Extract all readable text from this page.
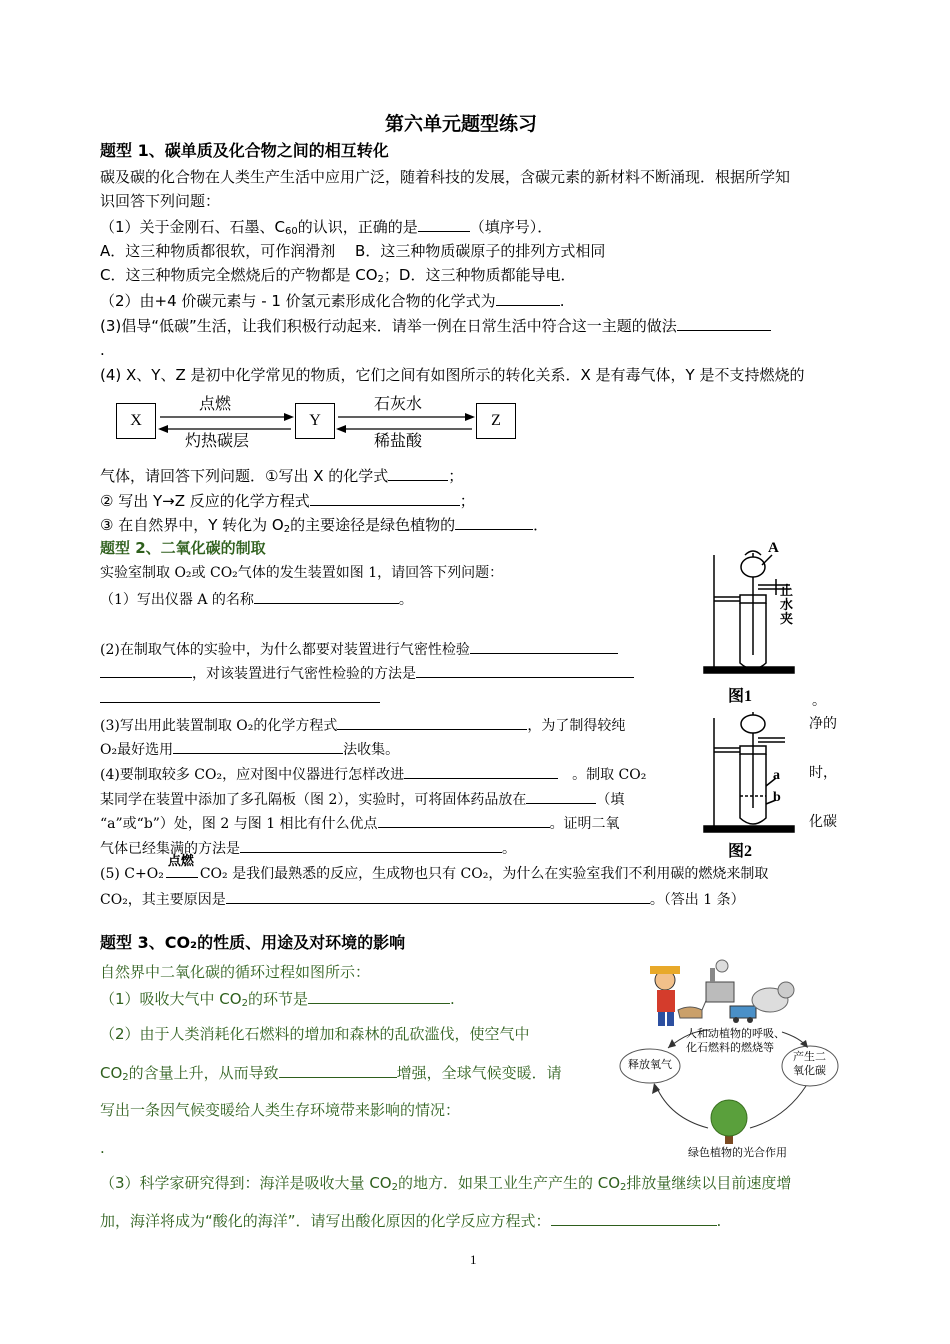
第六单元题型练习
题型 1、碳单质及化合物之间的相互转化
碳及碳的化合物在人类生产生活中应用广泛，随着科技的发展，含碳元素的新材料不断涌现．根据所学知
识回答下列问题：
（1）关于金刚石、石墨、$C_{60}$的认识，正确的是	（填序号）．
A．这三种物质都很软，可作润滑剂　 B．这三种物质碳原子的排列方式相同
C．这三种物质完全燃烧后的产物都是 $CO_2$；D．这三种物质都能导电．
（2）由+4 价碳元素与 - 1 价氢元素形成化合物的化学式为	.
(3)倡导“低碳”生活，让我们积极行动起来．请举一例在日常生活中符合这一主题的做法
.
(4) X、Y、Z 是初中化学常见的物质，它们之间有如图所示的转化关系．X 是有毒气体，Y 是不支持燃烧的
X	Y	Z
点燃
灼热碳层
石灰水
稀盐酸
气体，请回答下列问题．①写出 X 的化学式	；
② 写出 Y→Z 反应的化学方程式	；
③ 在自然界中，Y 转化为 $O_2$的主要途径是绿色植物的	．
题型 2、二氧化碳的制取
实验室制取 O₂或 CO₂气体的发生装置如图 1，请回答下列问题：
（1）写出仪器 A 的名称	。
(2)在制取气体的实验中，为什么都要对装置进行气密性检验
，对该装置进行气密性检验的方法是
。
(3)写出用此装置制取 O₂的化学方程式	，为了制得较纯	净的
O₂最好选用	法收集。
(4)要制取较多 CO₂，应对图中仪器进行怎样改进　	。制取 CO₂	时，
某同学在装置中添加了多孔隔板（图 2），实验时，可将固体药品放在	（填
“a”或“b”）处，图 2 与图 1 相比有什么优点	。证明二氧	化碳
气体已经集满的方法是	。
(5) C+O₂
点燃
CO₂ 是我们最熟悉的反应，生成物也只有 CO₂，为什么在实验室我们不利用碳的燃烧来制取
CO₂，其主要原因是	。（答出 1 条）
A
止水夹
图1
a
b
图2
题型 3、CO₂的性质、用途及对环境的影响
自然界中二氧化碳的循环过程如图所示：
（1）吸收大气中 $CO_2$的环节是	.
（2）由于人类消耗化石燃料的增加和森林的乱砍滥伐，使空气中
$CO_2$的含量上升，从而导致	增强，全球气候变暖．请
写出一条因气候变暖给人类生存环境带来影响的情况：
.
（3）科学家研究得到：海洋是吸收大量 $CO_2$的地方．如果工业生产产生的 $CO_2$排放量继续以目前速度增
加，海洋将成为“酸化的海洋”．请写出酸化原因的化学反应方程式：	.
人和动植物的呼吸、
化石燃料的燃烧等
释放氧气
产生二
氧化碳
绿色植物的光合作用
1
